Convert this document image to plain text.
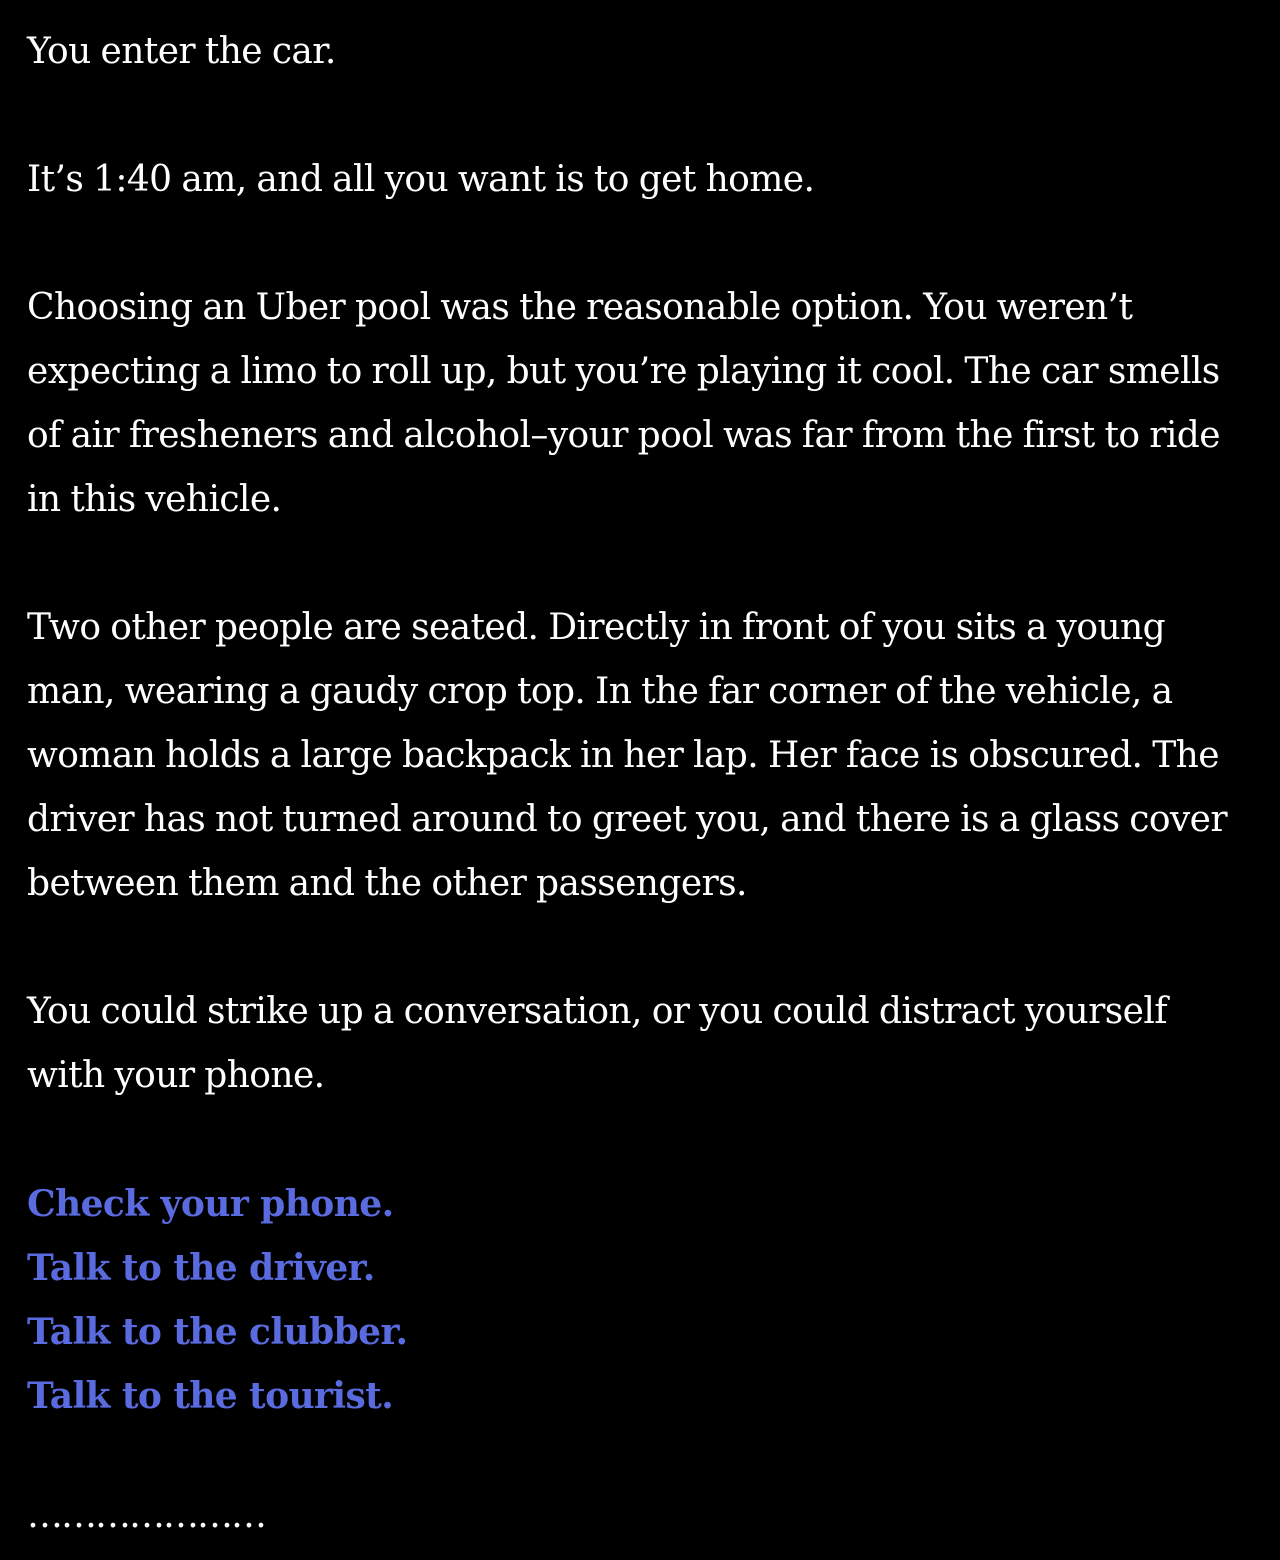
You enter the car.

It’s 1:40 am, and all you want is to get home.

Choosing an Uber pool was the reasonable option. You weren’t expecting a limo to roll up, but you’re playing it cool. The car smells of air fresheners and alcohol–your pool was far from the first to ride in this vehicle.

Two other people are seated. Directly in front of you sits a young man, wearing a gaudy crop top. In the far corner of the vehicle, a woman holds a large backpack in her lap. Her face is obscured. The driver has not turned around to greet you, and there is a glass cover between them and the other passengers.

You could strike up a conversation, or you could distract yourself with your phone.

Check your phone.
Talk to the driver.
Talk to the clubber.
Talk to the tourist.
…………………
